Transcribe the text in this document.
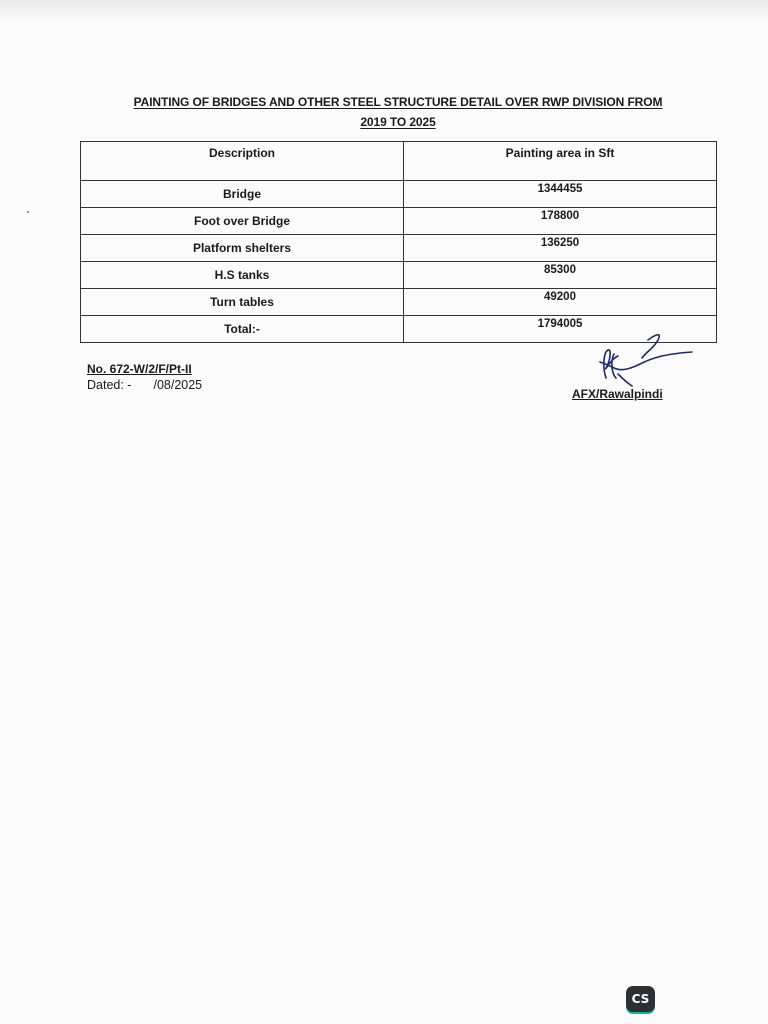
PAINTING OF BRIDGES AND OTHER STEEL STRUCTURE DETAIL OVER RWP DIVISION FROM
2019 TO 2025
Description	Painting area in Sft
Bridge	1344455
Foot over Bridge	178800
Platform shelters	136250
H.S tanks	85300
Turn tables	49200
Total:-	1794005
No. 672-W/2/F/Pt-II
Dated: - /08/2025
AFX/Rawalpindi
CS
